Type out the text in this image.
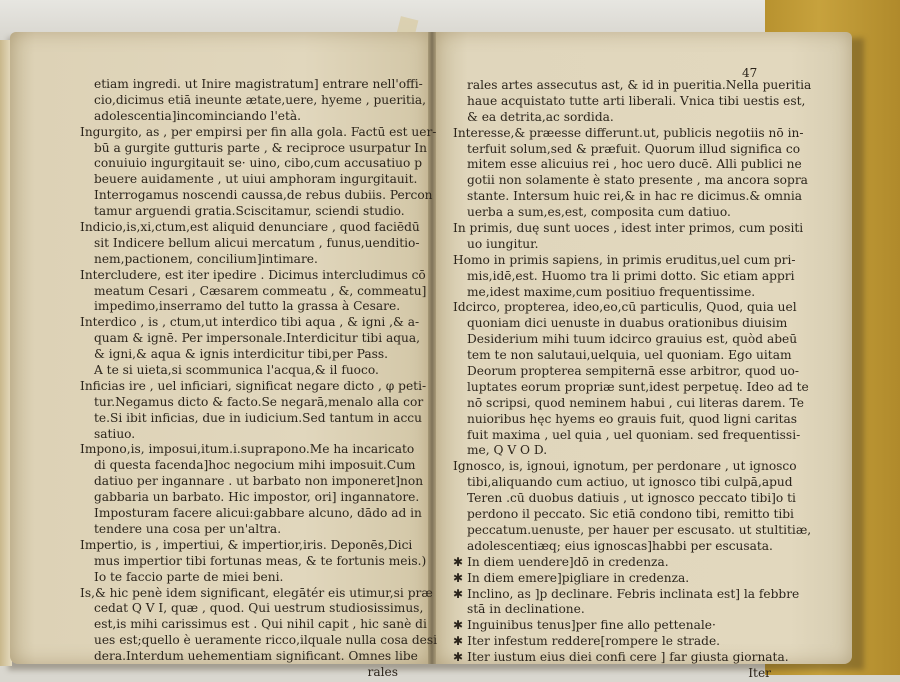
47
etiam ingredi. ut Inire magistratum] entrare nell'offi-
cio,dicimus etiā ineunte ætate,uere, hyeme , pueritia,
adolescentia]incominciando l'età.
Ingurgito, as , per empirsi per fin alla gola. Factū est uer-
bū a gurgite gutturis parte , & reciproce usurpatur In
conuiuio ingurgitauit se· uino, cibo,cum accusatiuo p
beuere auidamente , ut uiui amphoram ingurgitauit.
Interrogamus noscendi caussa,de rebus dubiis. Percon
tamur arguendi gratia.Sciscitamur, sciendi studio.
Indicio,is,xi,ctum,est aliquid denunciare , quod faciēdū
sit Indicere bellum alicui mercatum , funus,uenditio-
nem,pactionem, concilium]intimare.
Intercludere, est iter ipedire . Dicimus intercludimus cō
meatum Cesari , Cæsarem commeatu , &, commeatu]
impedimo,inserramo del tutto la grassa à Cesare.
Interdico , is , ctum,ut interdico tibi aqua , & igni ,& a-
quam & ignē. Per impersonale.Interdicitur tibi aqua,
& igni,& aqua & ignis interdicitur tibi,per Pass.
A te si uieta,si scommunica l'acqua,& il fuoco.
Inficias ire , uel inficiari, significat negare dicto , φ peti-
tur.Negamus dicto & facto.Se negarā,menalo alla cor
te.Si ibit inficias, due in iudicium.Sed tantum in accu
satiuo.
Impono,is, imposui,itum.i.suprapono.Me ha incaricato
di questa facenda]hoc negocium mihi imposuit.Cum
datiuo per ingannare . ut barbato non imponeret]non
gabbaria un barbato. Hic impostor, ori] ingannatore.
Imposturam facere alicui:gabbare alcuno, dādo ad in
tendere una cosa per un'altra.
Impertio, is , impertiui, & impertior,iris. Deponēs,Dici
mus impertior tibi fortunas meas, & te fortunis meis.)
Io te faccio parte de miei beni.
Is,& hic penè idem significant, elegātér eis utimur,si præ
cedat Q V I, quæ , quod. Qui uestrum studiosissimus,
est,is mihi carissimus est . Qui nihil capit , hic sanè di
ues est;quello è ueramente ricco,ilquale nulla cosa desi
dera.Interdum uehementiam significant. Omnes libe
rales
rales artes assecutus ast, & id in pueritia.Nella pueritia
haue acquistato tutte arti liberali. Vnica tibi uestis est,
& ea detrita,ac sordida.
Interesse,& præesse differunt.ut, publicis negotiis nō in-
terfuit solum,sed & præfuit. Quorum illud significa co
mitem esse alicuius rei , hoc uero ducē. Alli publici ne
gotii non solamente è stato presente , ma ancora sopra
stante. Intersum huic rei,& in hac re dicimus.& omnia
uerba a sum,es,est, composita cum datiuo.
In primis, duę sunt uoces , idest inter primos, cum positi
uo iungitur.
Homo in primis sapiens, in primis eruditus,uel cum pri-
mis,idē,est. Huomo tra li primi dotto. Sic etiam appri
me,idest maxime,cum positiuo frequentissime.
Idcirco, propterea, ideo,eo,cū particulis, Quod, quia uel
quoniam dici uenuste in duabus orationibus diuisim
Desiderium mihi tuum idcirco grauius est, quòd abeū
tem te non salutaui,uelquia, uel quoniam. Ego uitam
Deorum propterea sempiternā esse arbitror, quod uo-
luptates eorum propriæ sunt,idest perpetuę. Ideo ad te
nō scripsi, quod neminem habui , cui literas darem. Te
nuioribus hęc hyems eo grauis fuit, quod ligni caritas
fuit maxima , uel quia , uel quoniam. sed frequentissi-
me, Q V O D.
Ignosco, is, ignoui, ignotum, per perdonare , ut ignosco
tibi,aliquando cum actiuo, ut ignosco tibi culpā,apud
Teren .cū duobus datiuis , ut ignosco peccato tibi]o ti
perdono il peccato. Sic etiā condono tibi, remitto tibi
peccatum.uenuste, per hauer per escusato. ut stultitiæ,
adolescentiæq; eius ignoscas]habbi per escusata.
✱ In diem uendere]dō in credenza.
✱ In diem emere]pigliare in credenza.
✱ Inclino, as ]p declinare. Febris inclinata est] la febbre
stā in declinatione.
✱ Inguinibus tenus]per fine allo pettenale·
✱ Iter infestum reddere[rompere le strade.
✱ Iter iustum eius diei confi cere ] far giusta giornata.
Iter
